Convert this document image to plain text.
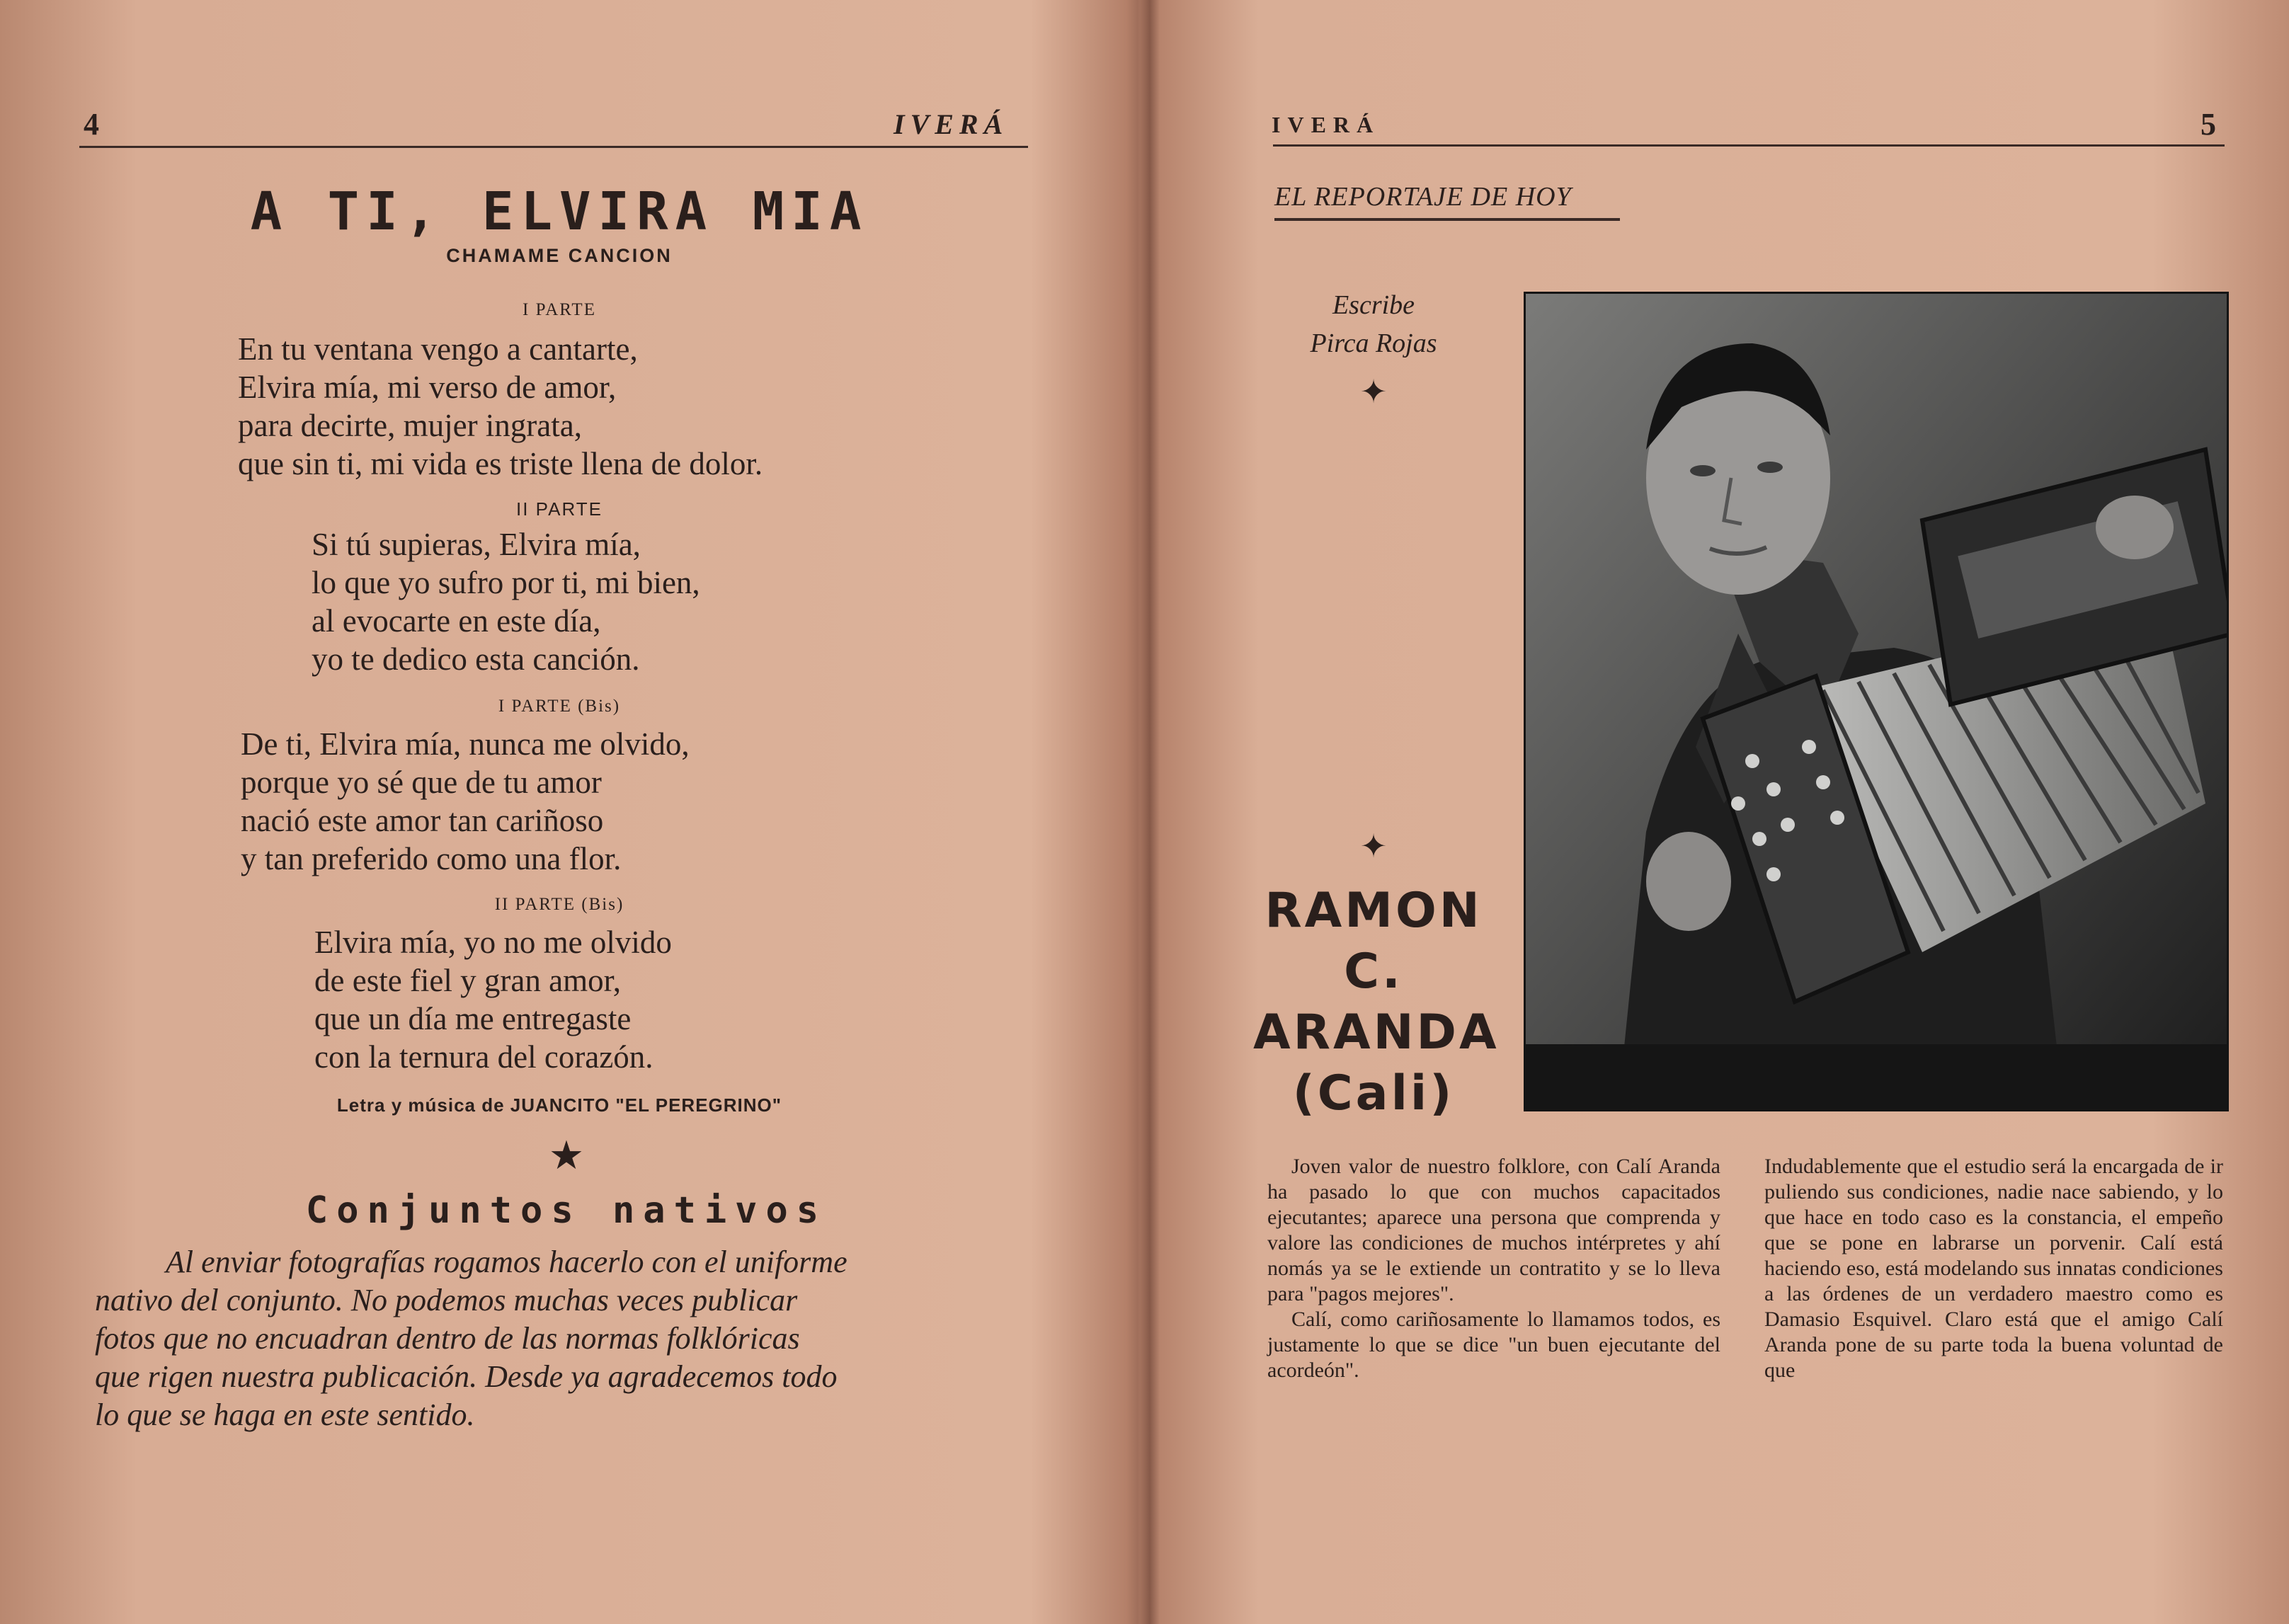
4	IVERÁ
A TI, ELVIRA MIA
CHAMAME CANCION
I PARTE
En tu ventana vengo a cantarte,
Elvira mía, mi verso de amor,
para decirte, mujer ingrata,
que sin ti, mi vida es triste llena de dolor.
II PARTE
Si tú supieras, Elvira mía,
lo que yo sufro por ti, mi bien,
al evocarte en este día,
yo te dedico esta canción.
I PARTE (Bis)
De ti, Elvira mía, nunca me olvido,
porque yo sé que de tu amor
nació este amor tan cariñoso
y tan preferido como una flor.
II PARTE (Bis)
Elvira mía, yo no me olvido
de este fiel y gran amor,
que un día me entregaste
con la ternura del corazón.
Letra y música de JUANCITO "EL PEREGRINO"
★
Conjuntos nativos
Al enviar fotografías rogamos hacerlo con el uniforme
nativo del conjunto. No podemos muchas veces publicar
fotos que no encuadran dentro de las normas folklóricas
que rigen nuestra publicación. Desde ya agradecemos todo
lo que se haga en este sentido.
IVERÁ	5
EL REPORTAJE DE HOY
Escribe
Pirca Rojas
✦
✦
RAMON
C.
ARANDA
(Cali)

Joven valor de nuestro folklore, con Calí Aranda ha pasado lo que con muchos capacitados ejecutantes; aparece una persona que comprenda y valore las condiciones de muchos intérpretes y ahí nomás ya se le extiende un contratito y se lo lleva para "pagos mejores".

Calí, como cariñosamente lo llamamos todos, es justamente lo que se dice "un buen ejecutante del acordeón".

Indudablemente que el estudio será la encargada de ir puliendo sus condiciones, nadie nace sabiendo, y lo que hace en todo caso es la constancia, el empeño que se pone en labrarse un porvenir. Calí está haciendo eso, está modelando sus innatas condiciones a las órdenes de un verdadero maestro como es Damasio Esquivel. Claro está que el amigo Calí Aranda pone de su parte toda la buena voluntad de que
